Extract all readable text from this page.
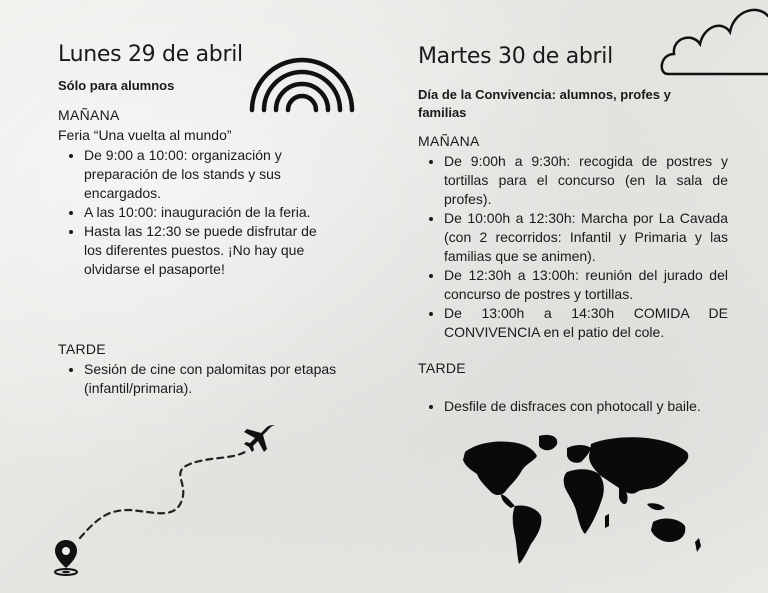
Lunes 29 de abril

Sólo para alumnos

MAÑANA

Feria “Una vuelta al mundo”

• De 9:00 a 10:00: organización y preparación de los stands y sus encargados.
• A las 10:00: inauguración de la feria.
• Hasta las 12:30 se puede disfrutar de los diferentes puestos. ¡No hay que olvidarse el pasaporte!

TARDE

• Sesión de cine con palomitas por etapas (infantil/primaria).
Martes 30 de abril

Día de la Convivencia: alumnos, profes y familias

MAÑANA

• De 9:00h a 9:30h: recogida de postres y tortillas para el concurso (en la sala de profes).
• De 10:00h a 12:30h: Marcha por La Cavada (con 2 recorridos: Infantil y Primaria y las familias que se animen).
• De 12:30h a 13:00h: reunión del jurado del concurso de postres y tortillas.
• De 13:00h a 14:30h COMIDA DE CONVIVENCIA en el patio del cole.

TARDE

• Desfile de disfraces con photocall y baile.
